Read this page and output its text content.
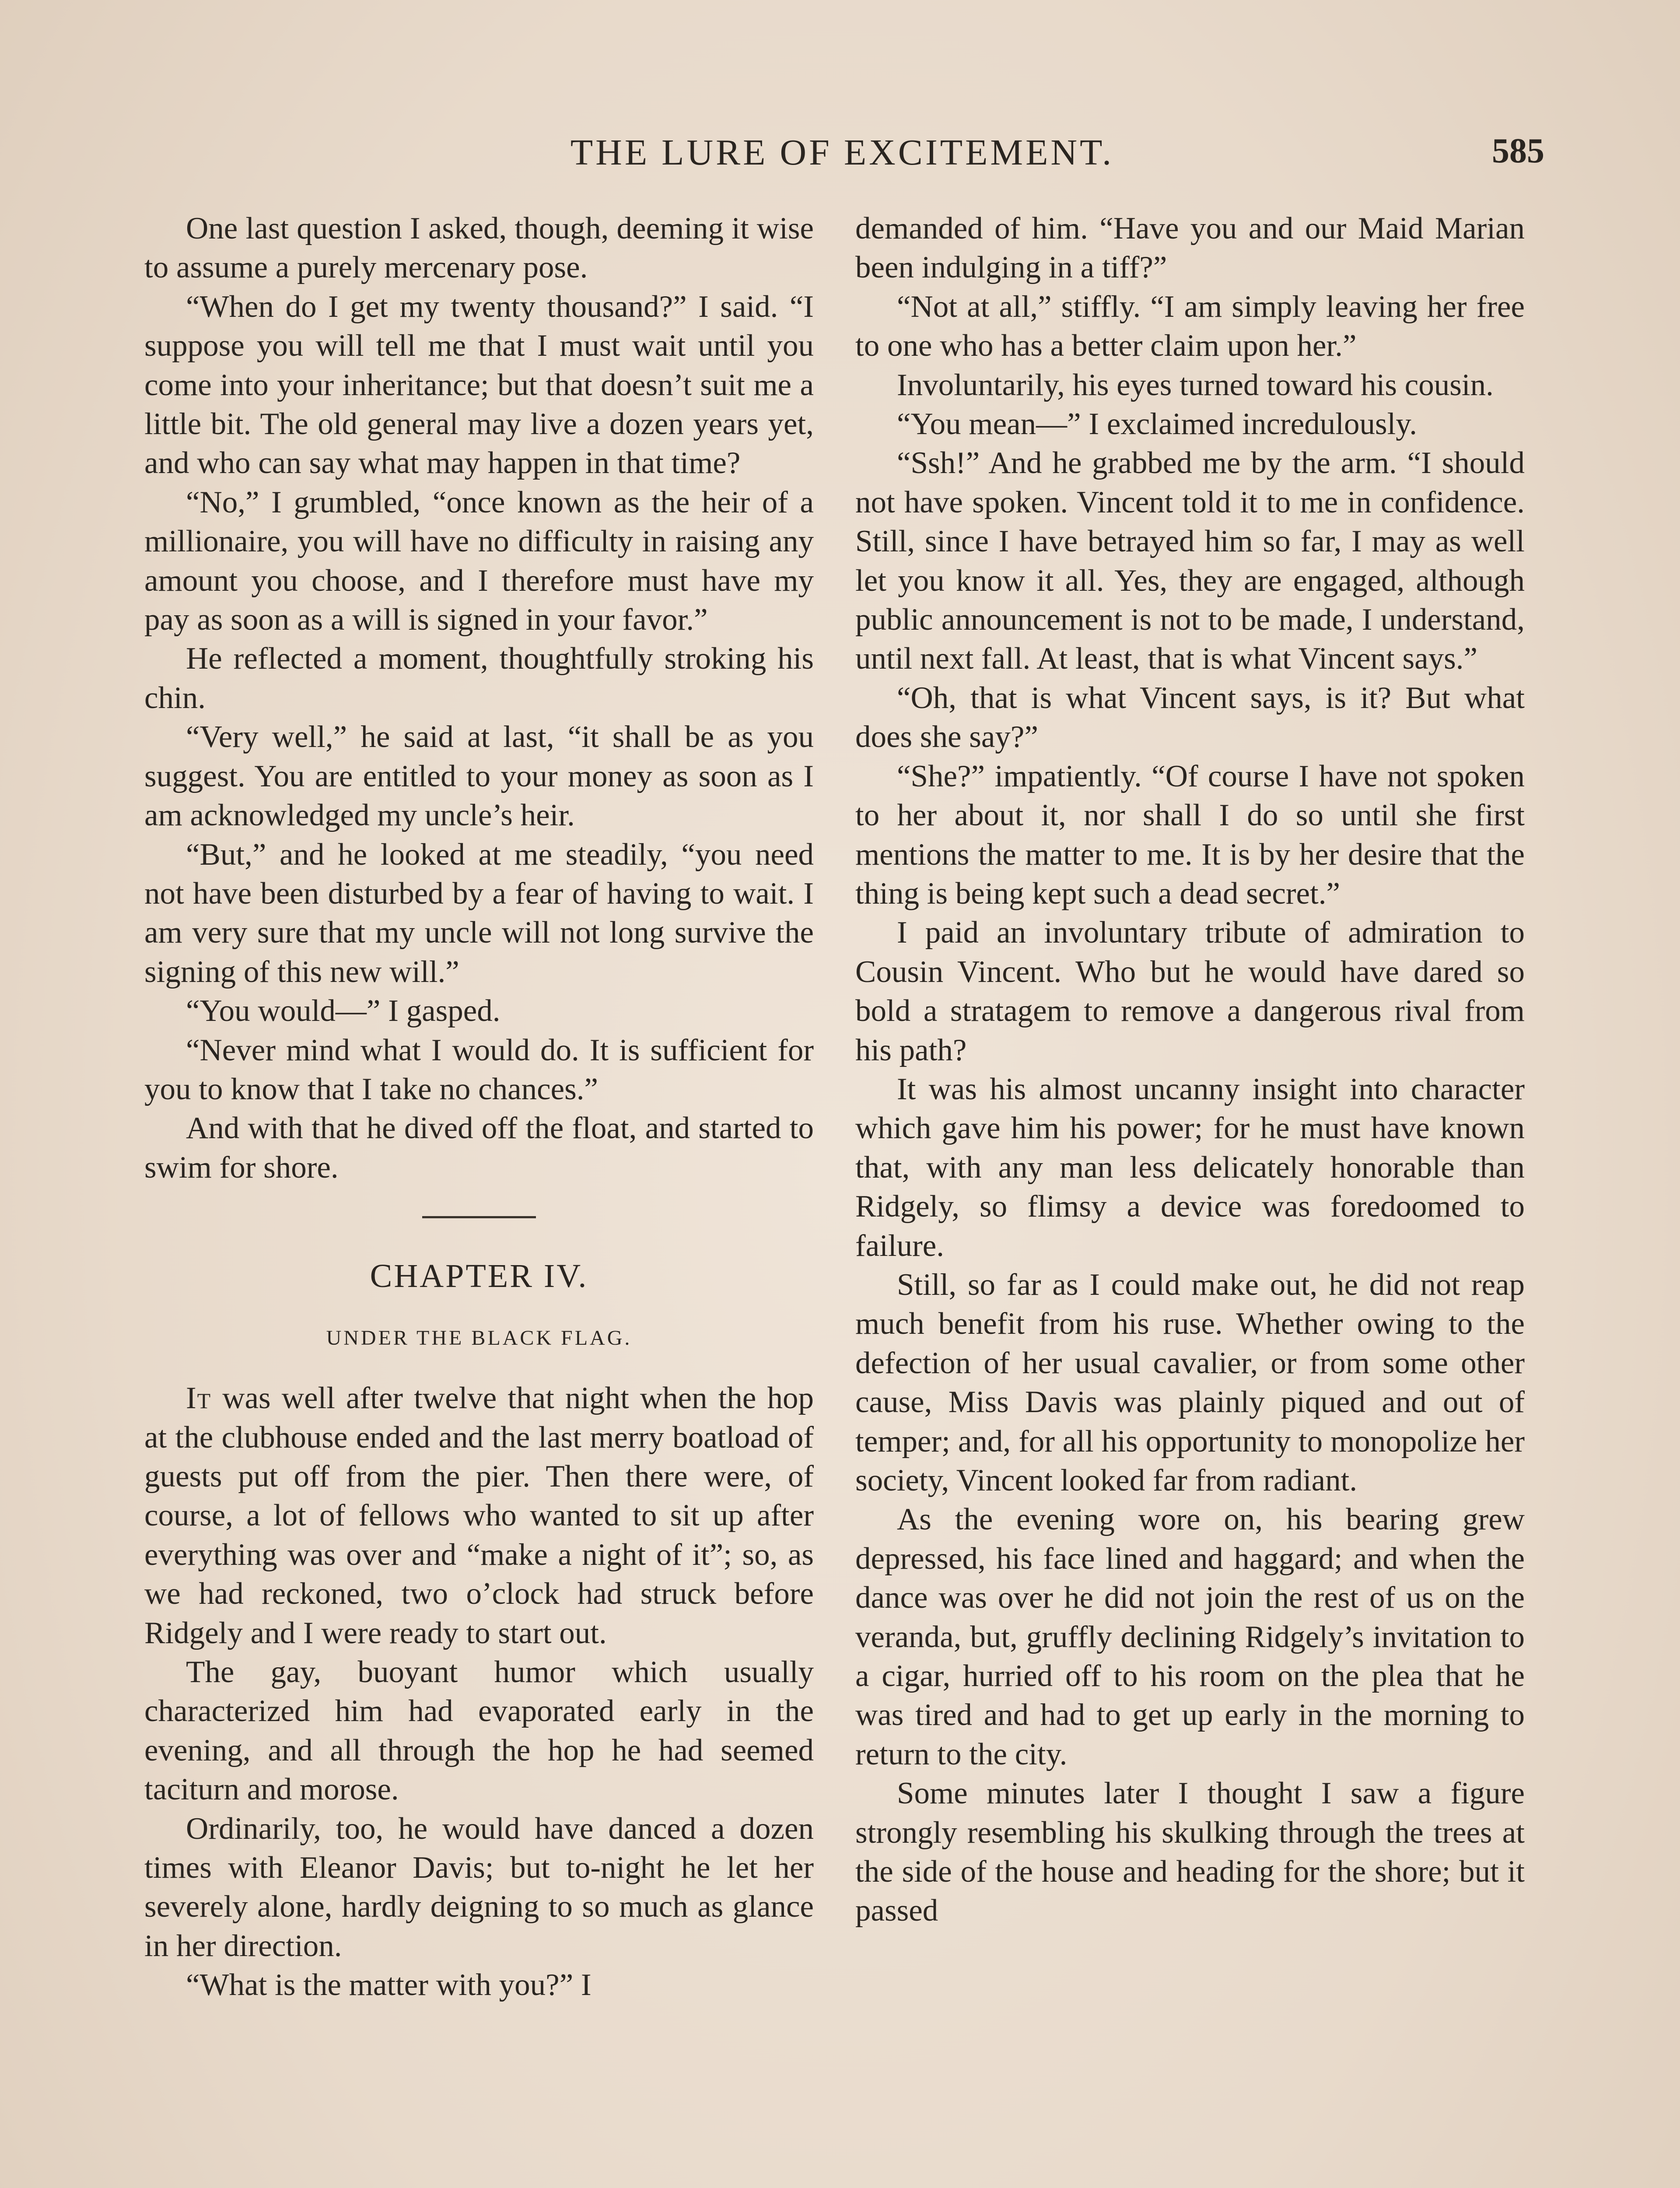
THE LURE OF EXCITEMENT.	585

One last question I asked, though, deeming it wise to assume a purely mercenary pose.

“When do I get my twenty thousand?” I said. “I suppose you will tell me that I must wait until you come into your inheritance; but that doesn’t suit me a little bit. The old general may live a dozen years yet, and who can say what may happen in that time?

“No,” I grumbled, “once known as the heir of a millionaire, you will have no difficulty in raising any amount you choose, and I therefore must have my pay as soon as a will is signed in your favor.”

He reflected a moment, thoughtfully stroking his chin.

“Very well,” he said at last, “it shall be as you suggest. You are entitled to your money as soon as I am acknowledged my uncle’s heir.

“But,” and he looked at me steadily, “you need not have been disturbed by a fear of having to wait. I am very sure that my uncle will not long survive the signing of this new will.”

“You would—” I gasped.

“Never mind what I would do. It is sufficient for you to know that I take no chances.”

And with that he dived off the float, and started to swim for shore.

CHAPTER IV.
UNDER THE BLACK FLAG.

It was well after twelve that night when the hop at the clubhouse ended and the last merry boatload of guests put off from the pier. Then there were, of course, a lot of fellows who wanted to sit up after everything was over and “make a night of it”; so, as we had reckoned, two o’clock had struck before Ridgely and I were ready to start out.

The gay, buoyant humor which usually characterized him had evaporated early in the evening, and all through the hop he had seemed taciturn and morose.

Ordinarily, too, he would have danced a dozen times with Eleanor Davis; but to-night he let her severely alone, hardly deigning to so much as glance in her direction.

“What is the matter with you?” I

demanded of him. “Have you and our Maid Marian been indulging in a tiff?”

“Not at all,” stiffly. “I am simply leaving her free to one who has a better claim upon her.”

Involuntarily, his eyes turned toward his cousin.

“You mean—” I exclaimed incredulously.

“Ssh!” And he grabbed me by the arm. “I should not have spoken. Vincent told it to me in confidence. Still, since I have betrayed him so far, I may as well let you know it all. Yes, they are engaged, although public announcement is not to be made, I understand, until next fall. At least, that is what Vincent says.”

“Oh, that is what Vincent says, is it? But what does she say?”

“She?” impatiently. “Of course I have not spoken to her about it, nor shall I do so until she first mentions the matter to me. It is by her desire that the thing is being kept such a dead secret.”

I paid an involuntary tribute of admiration to Cousin Vincent. Who but he would have dared so bold a stratagem to remove a dangerous rival from his path?

It was his almost uncanny insight into character which gave him his power; for he must have known that, with any man less delicately honorable than Ridgely, so flimsy a device was foredoomed to failure.

Still, so far as I could make out, he did not reap much benefit from his ruse. Whether owing to the defection of her usual cavalier, or from some other cause, Miss Davis was plainly piqued and out of temper; and, for all his opportunity to monopolize her society, Vincent looked far from radiant.

As the evening wore on, his bearing grew depressed, his face lined and haggard; and when the dance was over he did not join the rest of us on the veranda, but, gruffly declining Ridgely’s invitation to a cigar, hurried off to his room on the plea that he was tired and had to get up early in the morning to return to the city.

Some minutes later I thought I saw a figure strongly resembling his skulking through the trees at the side of the house and heading for the shore; but it passed
